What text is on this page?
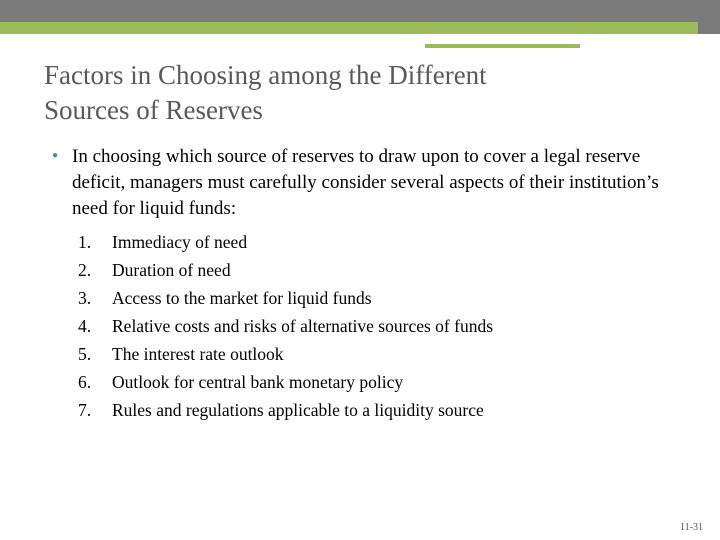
Factors in Choosing among the Different
Sources of Reserves
● In choosing which source of reserves to draw upon to cover a legal reserve deficit, managers must carefully consider several aspects of their institution’s need for liquid funds:
1. Immediacy of need
2. Duration of need
3. Access to the market for liquid funds
4. Relative costs and risks of alternative sources of funds
5. The interest rate outlook
6. Outlook for central bank monetary policy
7. Rules and regulations applicable to a liquidity source
11-31
